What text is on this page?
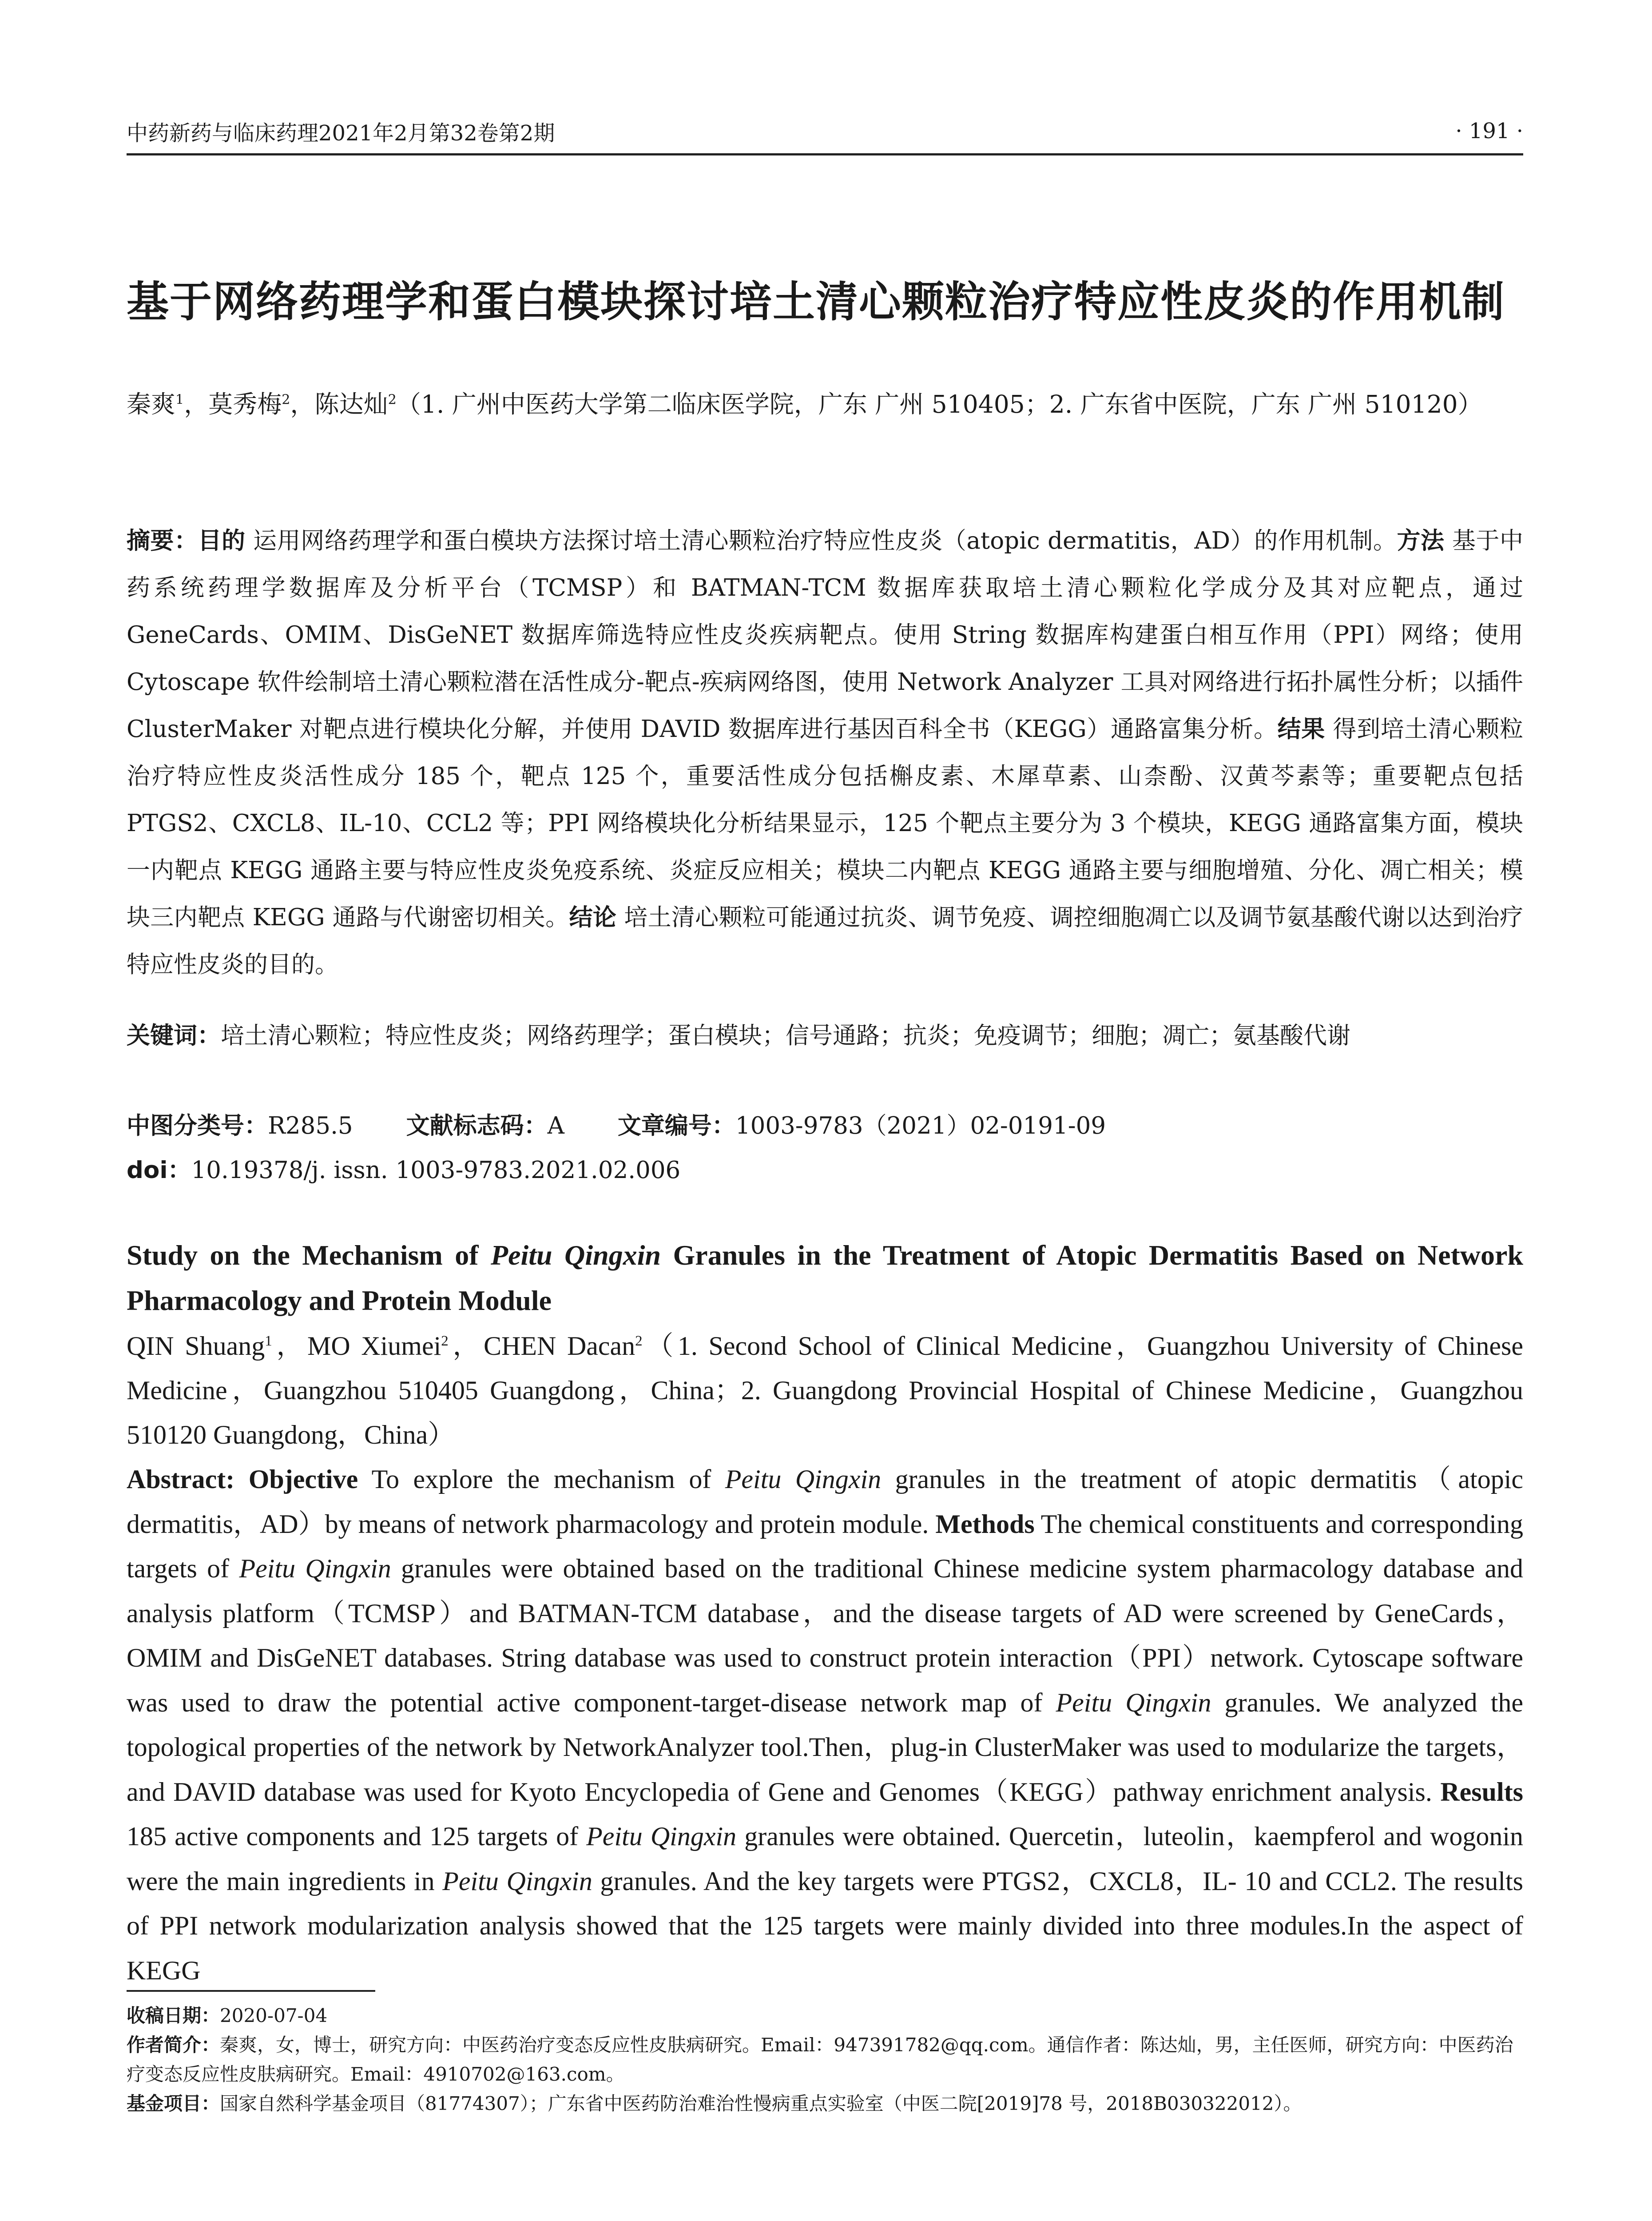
中药新药与临床药理2021年2月第32卷第2期	· 191 ·
基于网络药理学和蛋白模块探讨培土清心颗粒治疗特应性皮炎的作用机制
秦爽$^1$，莫秀梅$^2$，陈达灿$^2$（1. 广州中医药大学第二临床医学院，广东 广州 510405；2. 广东省中医院，广东 广州 510120）
摘要：目的 运用网络药理学和蛋白模块方法探讨培土清心颗粒治疗特应性皮炎（atopic dermatitis，AD）的作用机制。方法 基于中药系统药理学数据库及分析平台（TCMSP）和 BATMAN-TCM 数据库获取培土清心颗粒化学成分及其对应靶点，通过 GeneCards、OMIM、DisGeNET 数据库筛选特应性皮炎疾病靶点。使用 String 数据库构建蛋白相互作用（PPI）网络；使用 Cytoscape 软件绘制培土清心颗粒潜在活性成分-靶点-疾病网络图，使用 Network Analyzer 工具对网络进行拓扑属性分析；以插件 ClusterMaker 对靶点进行模块化分解，并使用 DAVID 数据库进行基因百科全书（KEGG）通路富集分析。结果 得到培土清心颗粒治疗特应性皮炎活性成分 185 个，靶点 125 个，重要活性成分包括槲皮素、木犀草素、山柰酚、汉黄芩素等；重要靶点包括 PTGS2、CXCL8、IL-10、CCL2 等；PPI 网络模块化分析结果显示，125 个靶点主要分为 3 个模块，KEGG 通路富集方面，模块一内靶点 KEGG 通路主要与特应性皮炎免疫系统、炎症反应相关；模块二内靶点 KEGG 通路主要与细胞增殖、分化、凋亡相关；模块三内靶点 KEGG 通路与代谢密切相关。结论 培土清心颗粒可能通过抗炎、调节免疫、调控细胞凋亡以及调节氨基酸代谢以达到治疗特应性皮炎的目的。
关键词：培土清心颗粒；特应性皮炎；网络药理学；蛋白模块；信号通路；抗炎；免疫调节；细胞；凋亡；氨基酸代谢
中图分类号：R285.5 文献标志码：A 文章编号：1003-9783（2021）02-0191-09
doi：10.19378/j. issn. 1003-9783.2021.02.006
Study on the Mechanism of Peitu Qingxin Granules in the Treatment of Atopic Dermatitis Based on Network Pharmacology and Protein Module
QIN Shuang$^1$，MO Xiumei$^2$，CHEN Dacan$^2$（1. Second School of Clinical Medicine，Guangzhou University of Chinese Medicine，Guangzhou 510405 Guangdong，China；2. Guangdong Provincial Hospital of Chinese Medicine，Guangzhou 510120 Guangdong，China）
Abstract: Objective To explore the mechanism of Peitu Qingxin granules in the treatment of atopic dermatitis（atopic dermatitis，AD）by means of network pharmacology and protein module. Methods The chemical constituents and corresponding targets of Peitu Qingxin granules were obtained based on the traditional Chinese medicine system pharmacology database and analysis platform（TCMSP）and BATMAN-TCM database，and the disease targets of AD were screened by GeneCards，OMIM and DisGeNET databases. String database was used to construct protein interaction（PPI）network. Cytoscape software was used to draw the potential active component-target-disease network map of Peitu Qingxin granules. We analyzed the topological properties of the network by NetworkAnalyzer tool.Then，plug-in ClusterMaker was used to modularize the targets，and DAVID database was used for Kyoto Encyclopedia of Gene and Genomes（KEGG）pathway enrichment analysis. Results 185 active components and 125 targets of Peitu Qingxin granules were obtained. Quercetin，luteolin，kaempferol and wogonin were the main ingredients in Peitu Qingxin granules. And the key targets were PTGS2，CXCL8，IL- 10 and CCL2. The results of PPI network modularization analysis showed that the 125 targets were mainly divided into three modules.In the aspect of KEGG
收稿日期：2020-07-04
作者简介：秦爽，女，博士，研究方向：中医药治疗变态反应性皮肤病研究。Email：947391782@qq.com。通信作者：陈达灿，男，主任医师，研究方向：中医药治疗变态反应性皮肤病研究。Email：4910702@163.com。
基金项目：国家自然科学基金项目（81774307）；广东省中医药防治难治性慢病重点实验室（中医二院[2019]78 号，2018B030322012）。
